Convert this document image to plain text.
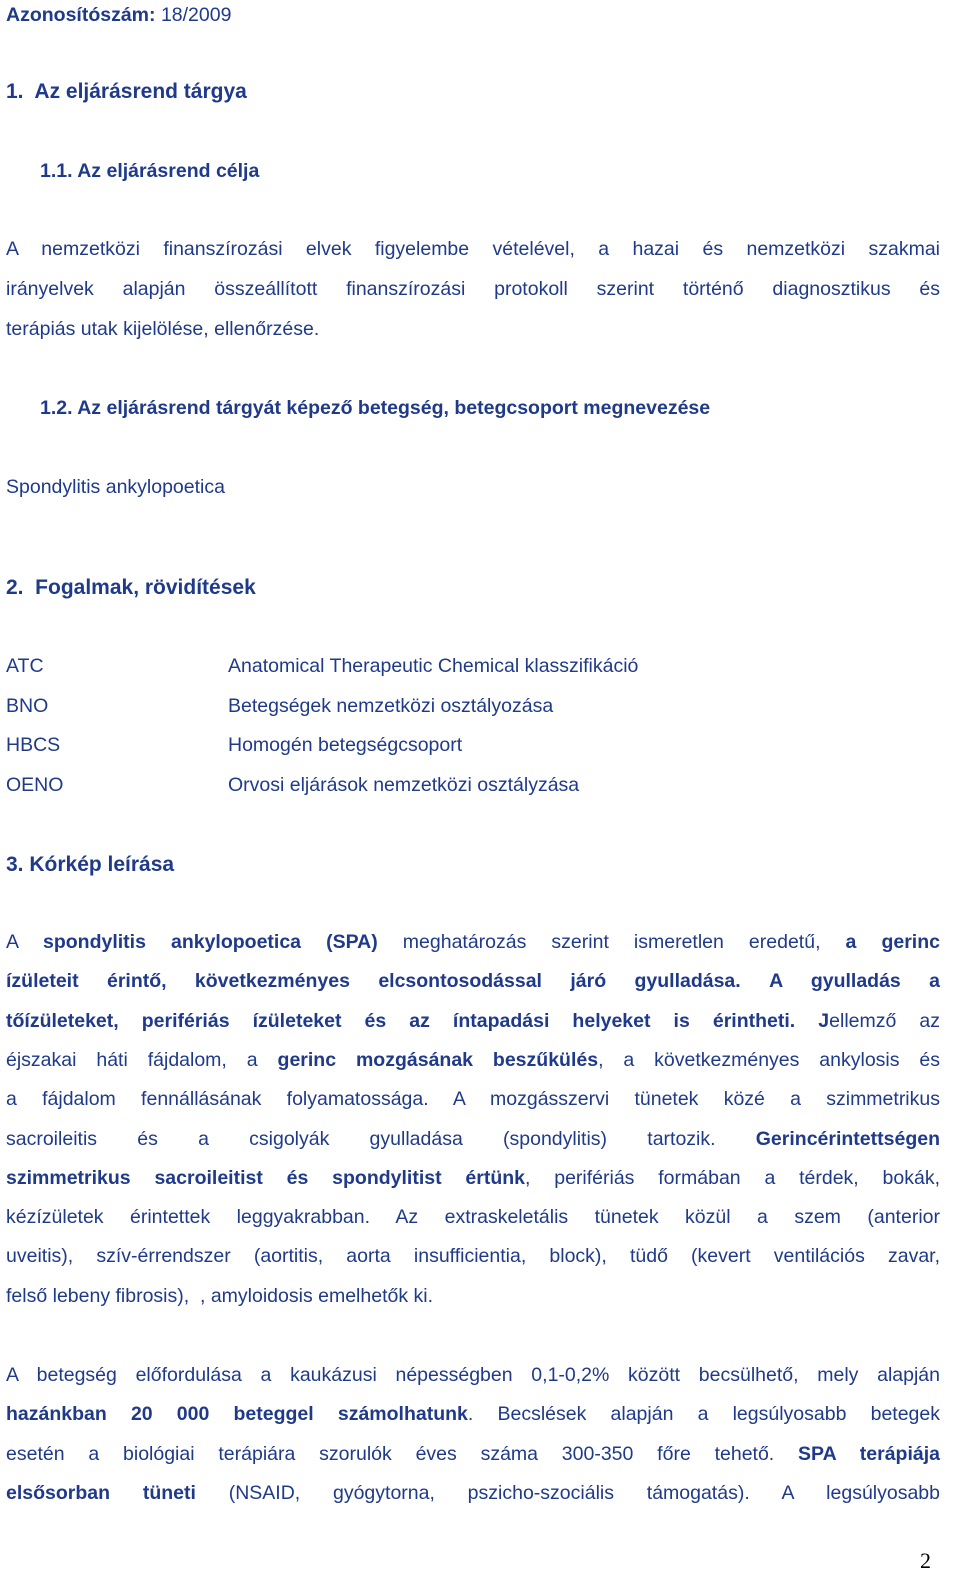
Azonosítószám: 18/2009
1.  Az eljárásrend tárgya
1.1. Az eljárásrend célja
A nemzetközi finanszírozási elvek figyelembe vételével, a hazai és nemzetközi szakmai
irányelvek alapján összeállított finanszírozási protokoll szerint történő diagnosztikus és
terápiás utak kijelölése, ellenőrzése.
1.2. Az eljárásrend tárgyát képező betegség, betegcsoport megnevezése
Spondylitis ankylopoetica
2.  Fogalmak, rövidítések
ATC	Anatomical Therapeutic Chemical klasszifikáció
BNO	Betegségek nemzetközi osztályozása
HBCS	Homogén betegségcsoport
OENO	Orvosi eljárások nemzetközi osztályzása
3. Kórkép leírása
A spondylitis ankylopoetica (SPA) meghatározás szerint ismeretlen eredetű, a gerinc
ízületeit érintő, következményes elcsontosodással járó gyulladása. A gyulladás a
tőízületeket, perifériás ízületeket és az íntapadási helyeket is érintheti. Jellemző az
éjszakai háti fájdalom, a gerinc mozgásának beszűkülés, a következményes ankylosis és
a fájdalom fennállásának folyamatossága. A mozgásszervi tünetek közé a szimmetrikus
sacroileitis és a csigolyák gyulladása (spondylitis) tartozik. Gerincérintettségen
szimmetrikus sacroileitist és spondylitist értünk, perifériás formában a térdek, bokák,
kézízületek érintettek leggyakrabban. Az extraskeletális tünetek közül a szem (anterior
uveitis), szív-érrendszer (aortitis, aorta insufficientia, block), tüdő (kevert ventilációs zavar,
felső lebeny fibrosis),  , amyloidosis emelhetők ki.
A betegség előfordulása a kaukázusi népességben 0,1-0,2% között becsülhető, mely alapján
hazánkban 20 000 beteggel számolhatunk. Becslések alapján a legsúlyosabb betegek
esetén a biológiai terápiára szorulók éves száma 300-350 főre tehető. SPA terápiája
elsősorban tüneti (NSAID, gyógytorna, pszicho-szociális támogatás). A legsúlyosabb
2
